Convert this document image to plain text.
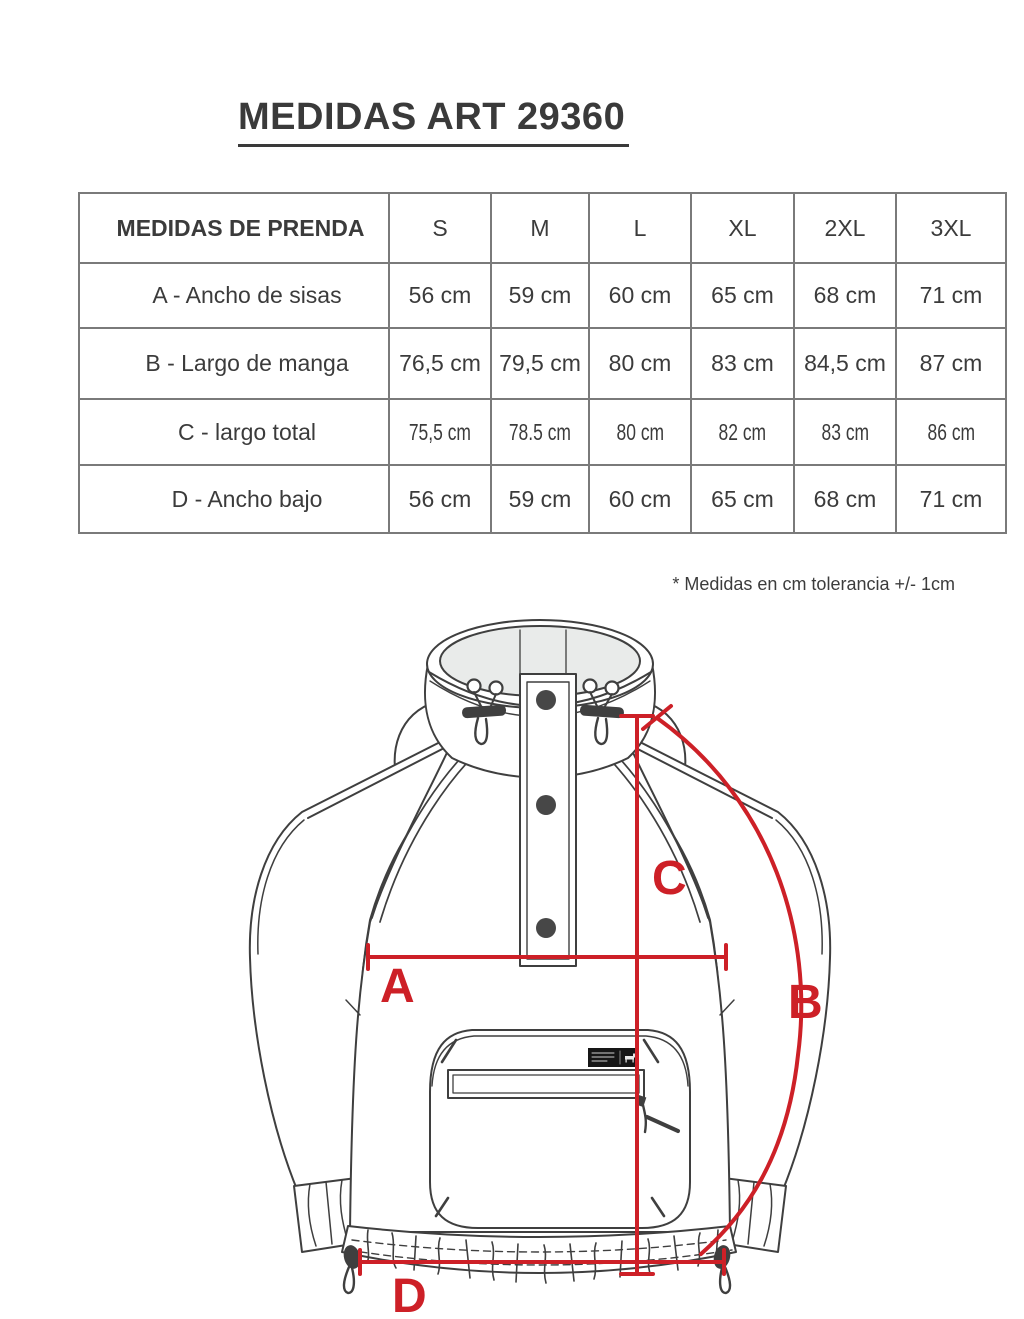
MEDIDAS ART 29360
MEDIDAS DE PRENDA	S	M	L	XL	2XL	3XL
A - Ancho de sisas	56 cm	59 cm	60 cm	65 cm	68 cm	71 cm
B - Largo de manga	76,5 cm	79,5 cm	80 cm	83 cm	84,5 cm	87 cm
C - largo total	75,5 cm	78.5 cm	80 cm	82 cm	83 cm	86 cm
D - Ancho bajo	56 cm	59 cm	60 cm	65 cm	68 cm	71 cm
* Medidas en cm tolerancia +/- 1cm
A	B
C
D
